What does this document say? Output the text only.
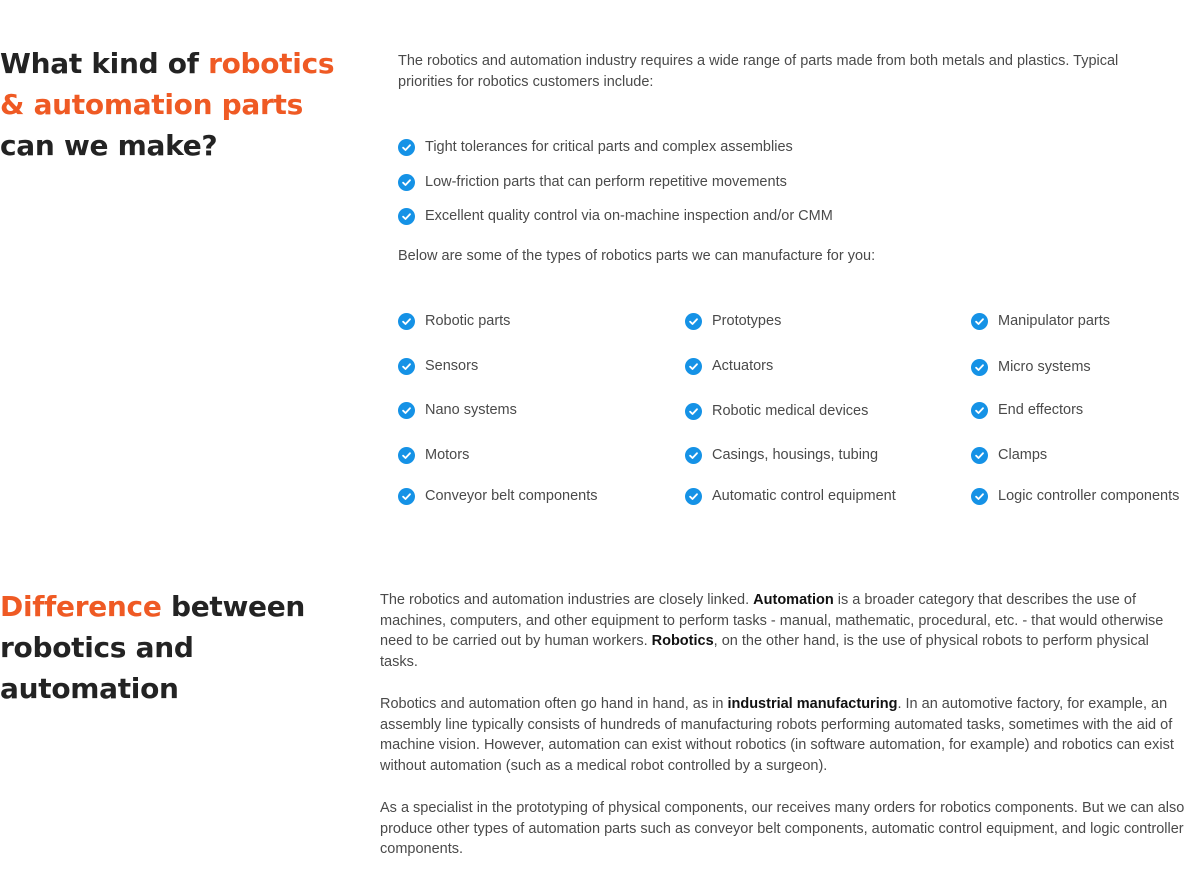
What kind of robotics & automation parts can we make?

The robotics and automation industry requires a wide range of parts made from both metals and plastics. Typical priorities for robotics customers include:

Tight tolerances for critical parts and complex assemblies
Low-friction parts that can perform repetitive movements
Excellent quality control via on-machine inspection and/or CMM

Below are some of the types of robotics parts we can manufacture for you:

Robotic parts
Sensors
Nano systems
Motors
Conveyor belt components
Prototypes
Actuators
Robotic medical devices
Casings, housings, tubing
Automatic control equipment
Manipulator parts
Micro systems
End effectors
Clamps
Logic controller components
Difference between robotics and automation

The robotics and automation industries are closely linked. Automation is a broader category that describes the use of machines, computers, and other equipment to perform tasks - manual, mathematic, procedural, etc. - that would otherwise need to be carried out by human workers. Robotics, on the other hand, is the use of physical robots to perform physical tasks.

Robotics and automation often go hand in hand, as in industrial manufacturing. In an automotive factory, for example, an assembly line typically consists of hundreds of manufacturing robots performing automated tasks, sometimes with the aid of machine vision. However, automation can exist without robotics (in software automation, for example) and robotics can exist without automation (such as a medical robot controlled by a surgeon).

As a specialist in the prototyping of physical components, our receives many orders for robotics components. But we can also produce other types of automation parts such as conveyor belt components, automatic control equipment, and logic controller components.
